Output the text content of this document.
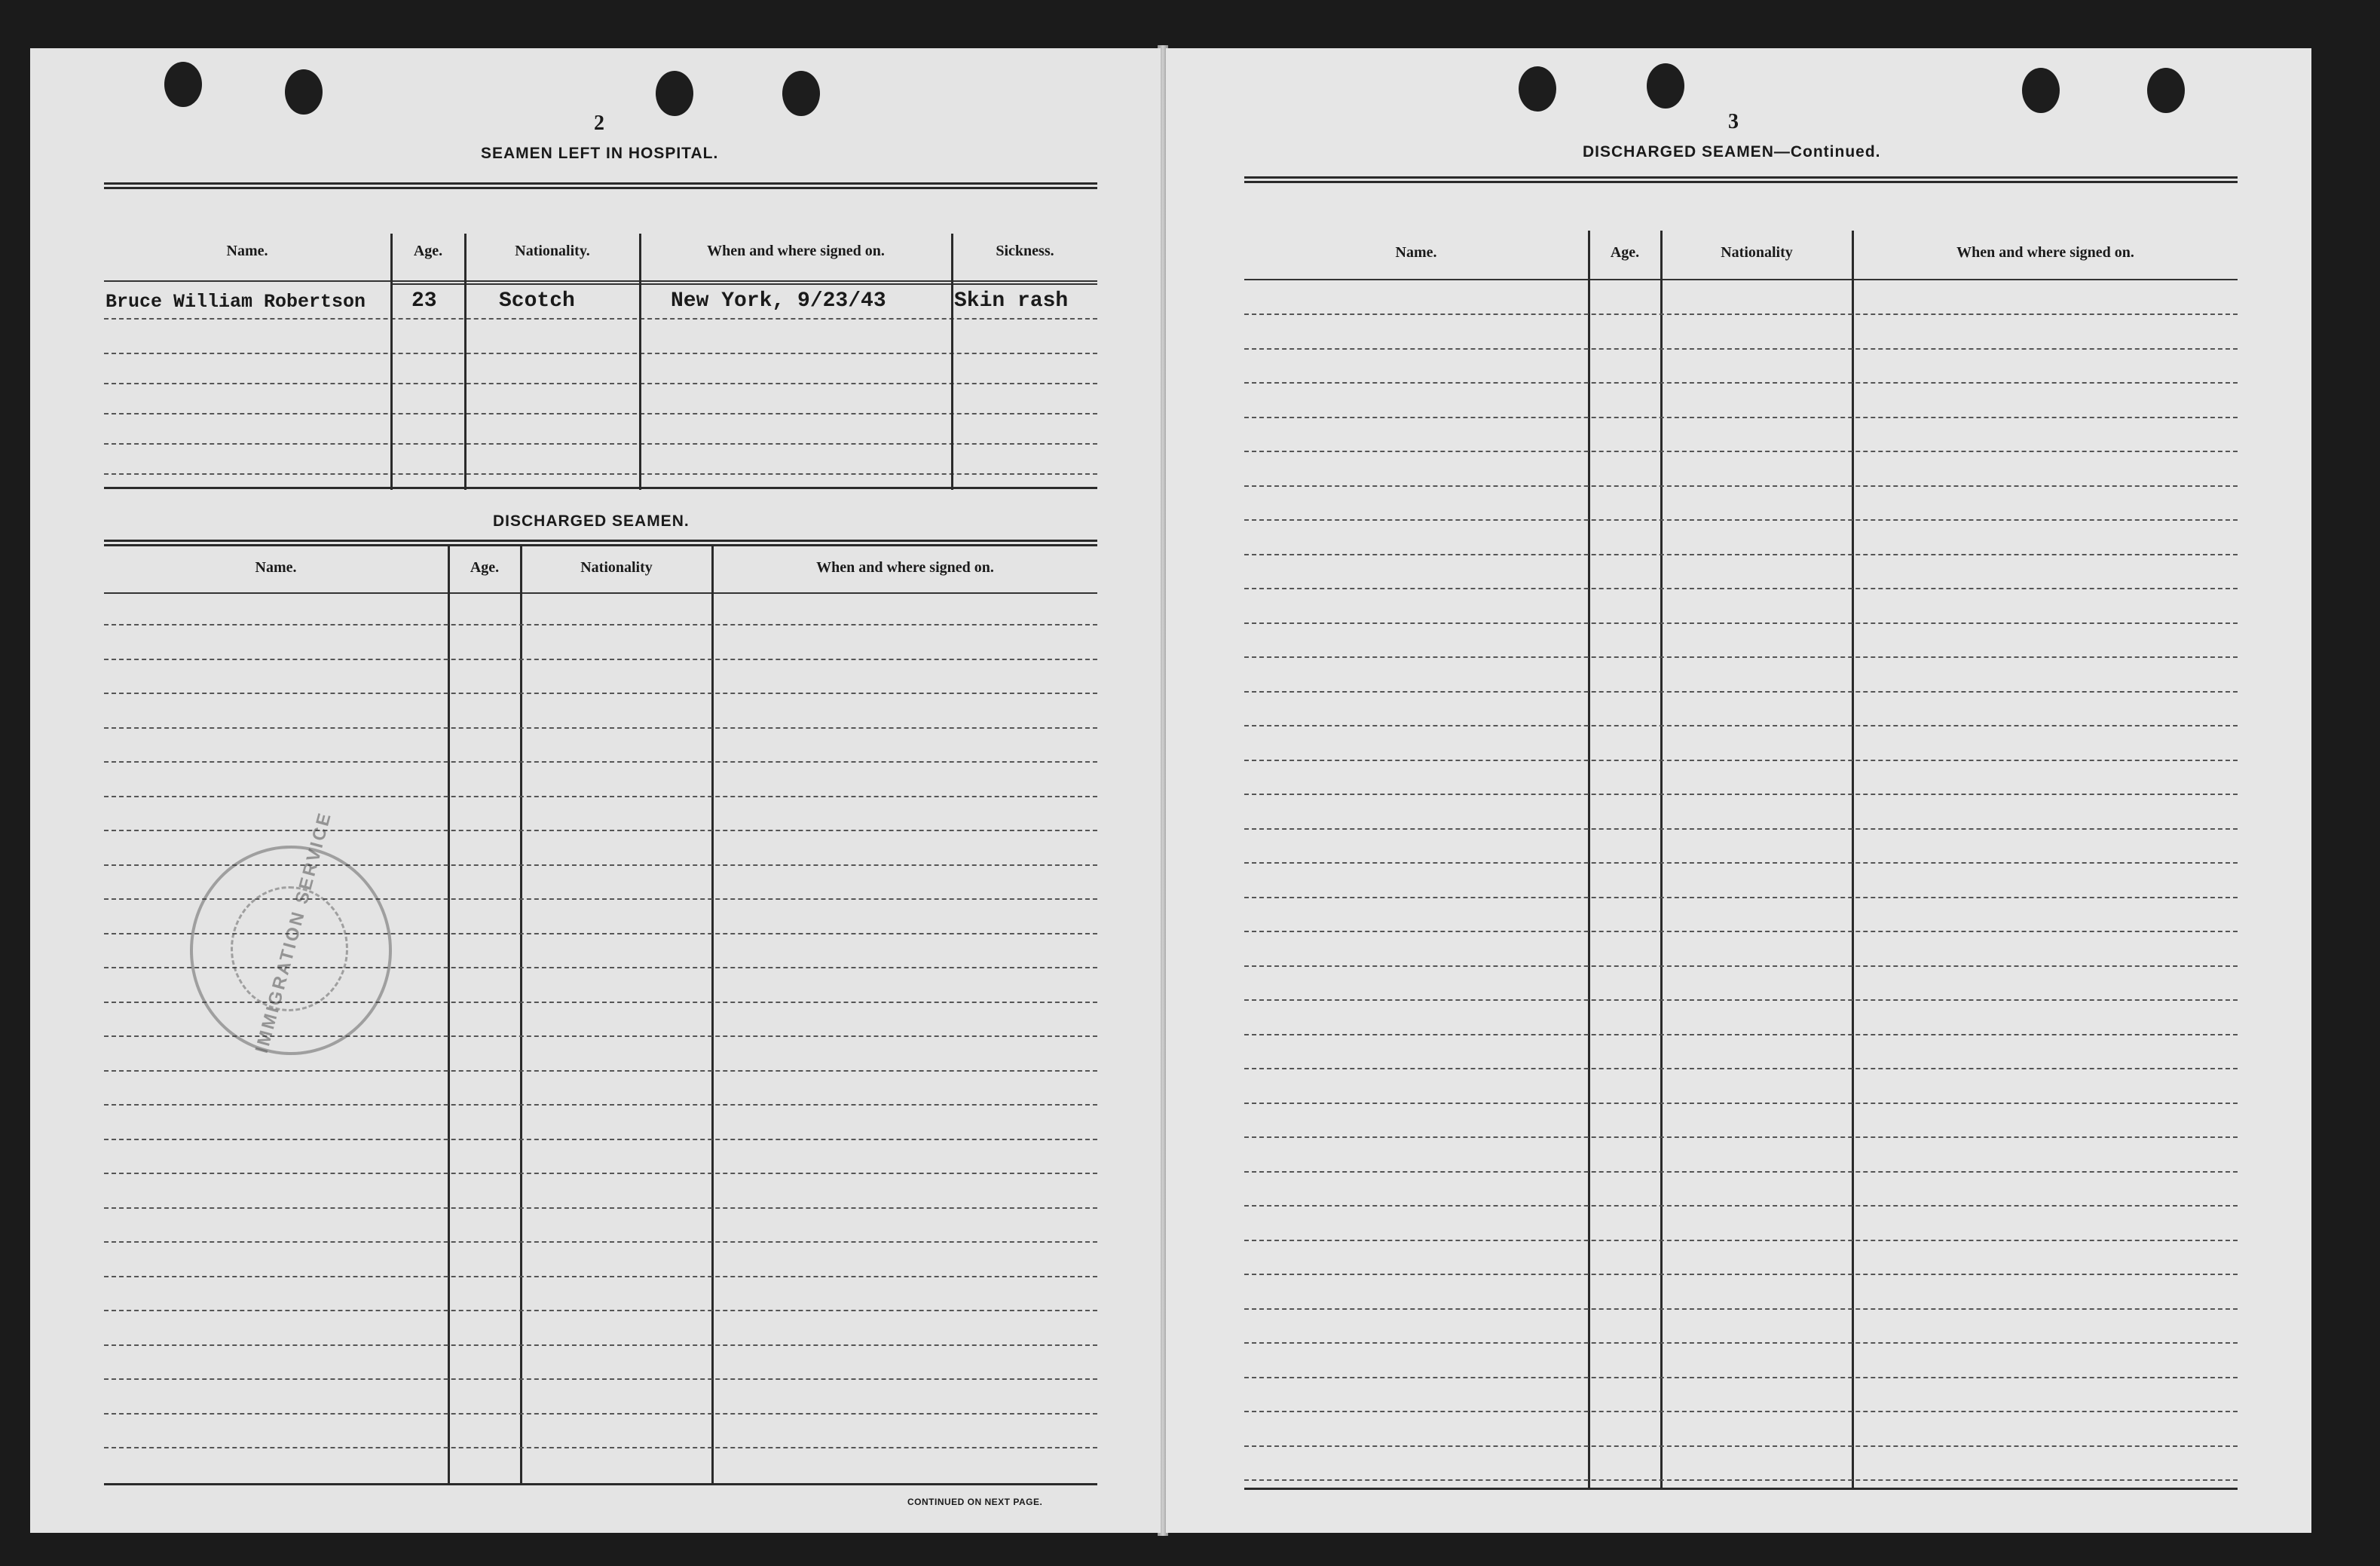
2
SEAMEN LEFT IN HOSPITAL.
Name.	Age.	Nationality.	When and where signed on.	Sickness.
Bruce William Robertson 23	Scotch	New York, 9/23/43	Skin rash
DISCHARGED SEAMEN.
Name.	Age.	Nationality	When and where signed on.
IMMIGRATION SERVICE
CONTINUED ON NEXT PAGE.
3
DISCHARGED SEAMEN—Continued.
Name.	Age.	Nationality	When and where signed on.
